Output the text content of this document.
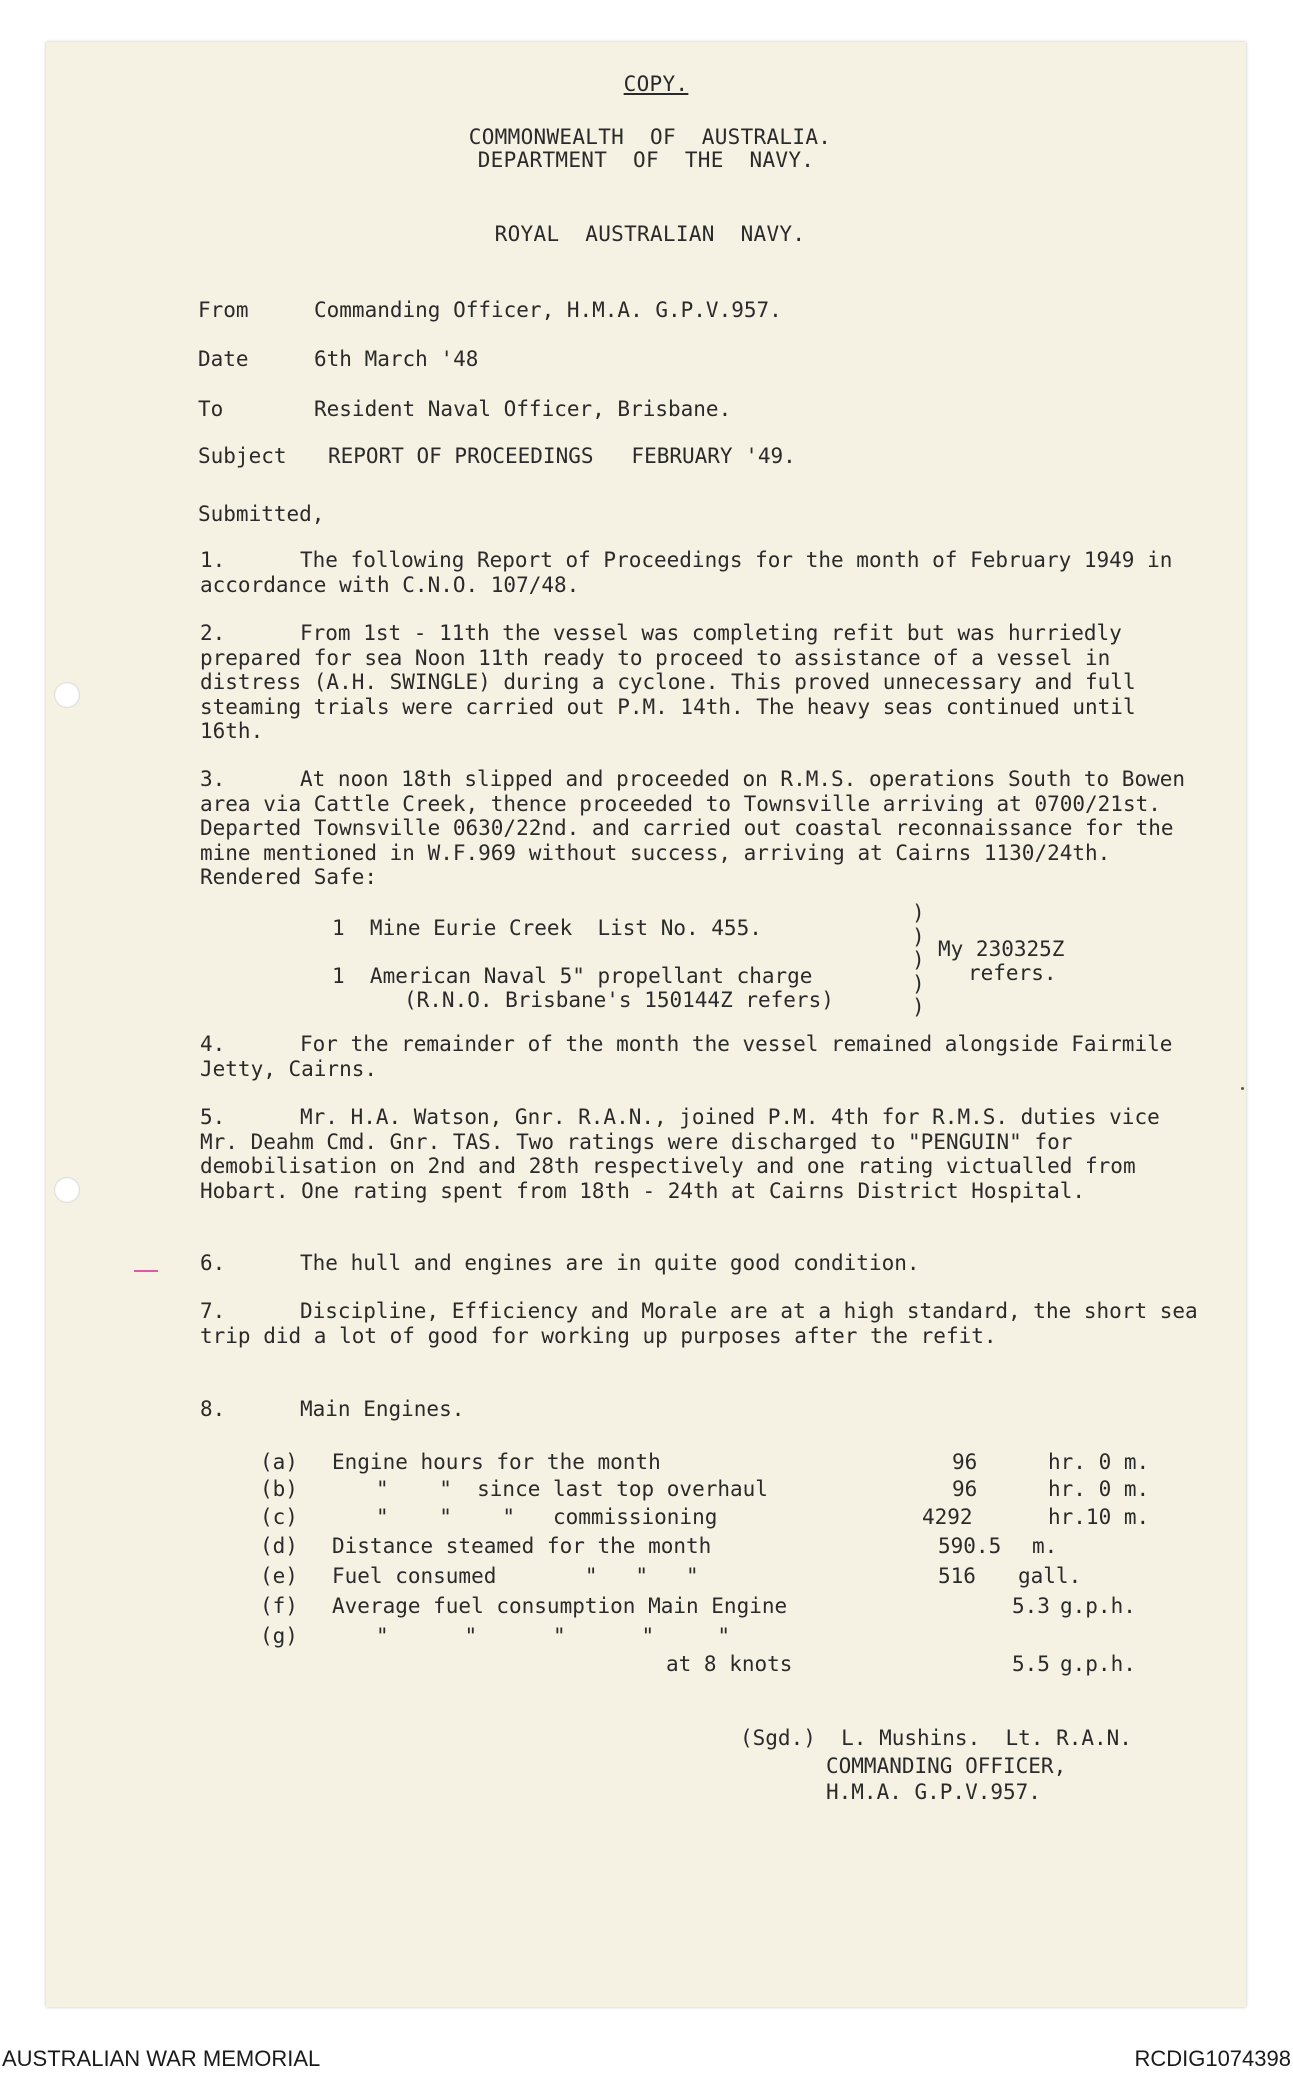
COPY.
COMMONWEALTH  OF  AUSTRALIA.
DEPARTMENT  OF  THE  NAVY.
ROYAL  AUSTRALIAN  NAVY.
From	Commanding Officer, H.M.A. G.P.V.957.
Date	6th March '48
To	Resident Naval Officer, Brisbane.
Subject REPORT OF PROCEEDINGS   FEBRUARY '49.
Submitted,
1.	The following Report of Proceedings for the month of February 1949 in accordance with C.N.O. 107/48.
2.	From 1st - 11th the vessel was completing refit but was hurriedly prepared for sea Noon 11th ready to proceed to assistance of a vessel in distress (A.H. SWINGLE) during a cyclone. This proved unnecessary and full steaming trials were carried out P.M. 14th. The heavy seas continued until 16th.
3.	At noon 18th slipped and proceeded on R.M.S. operations South to Bowen area via Cattle Creek, thence proceeded to Townsville arriving at 0700/21st. Departed Townsville 0630/22nd. and carried out coastal reconnaissance for the mine mentioned in W.F.969 without success, arriving at Cairns 1130/24th. Rendered Safe:
1  Mine Eurie Creek  List No. 455.
1  American Naval 5" propellant charge
(R.N.O. Brisbane's 150144Z refers)
)
)
)
)
)
My 230325Z
refers.
4.	For the remainder of the month the vessel remained alongside Fairmile Jetty, Cairns.
5.	Mr. H.A. Watson, Gnr. R.A.N., joined P.M. 4th for R.M.S. duties vice Mr. Deahm Cmd. Gnr. TAS. Two ratings were discharged to "PENGUIN" for demobilisation on 2nd and 28th respectively and one rating victualled from Hobart. One rating spent from 18th - 24th at Cairns District Hospital.
6.	The hull and engines are in quite good condition.
7.	Discipline, Efficiency and Morale are at a high standard, the short sea trip did a lot of good for working up purposes after the refit.
8.	Main Engines.
(a) Engine hours for the month	96	hr. 0 m.
(b)	"    "  since last top overhaul	96	hr. 0 m.
(c)	"    "    "   commissioning	4292	hr.10 m.
(d) Distance steamed for the month	590.5 m.
(e) Fuel consumed       "   "   "	516 gall.
(f) Average fuel consumption Main Engine	5.3 g.p.h.
(g)	"      "      "      "     "
at 8 knots	5.5 g.p.h.
(Sgd.)  L. Mushins.  Lt. R.A.N.
COMMANDING OFFICER,
H.M.A. G.P.V.957.
AUSTRALIAN WAR MEMORIAL	RCDIG1074398
